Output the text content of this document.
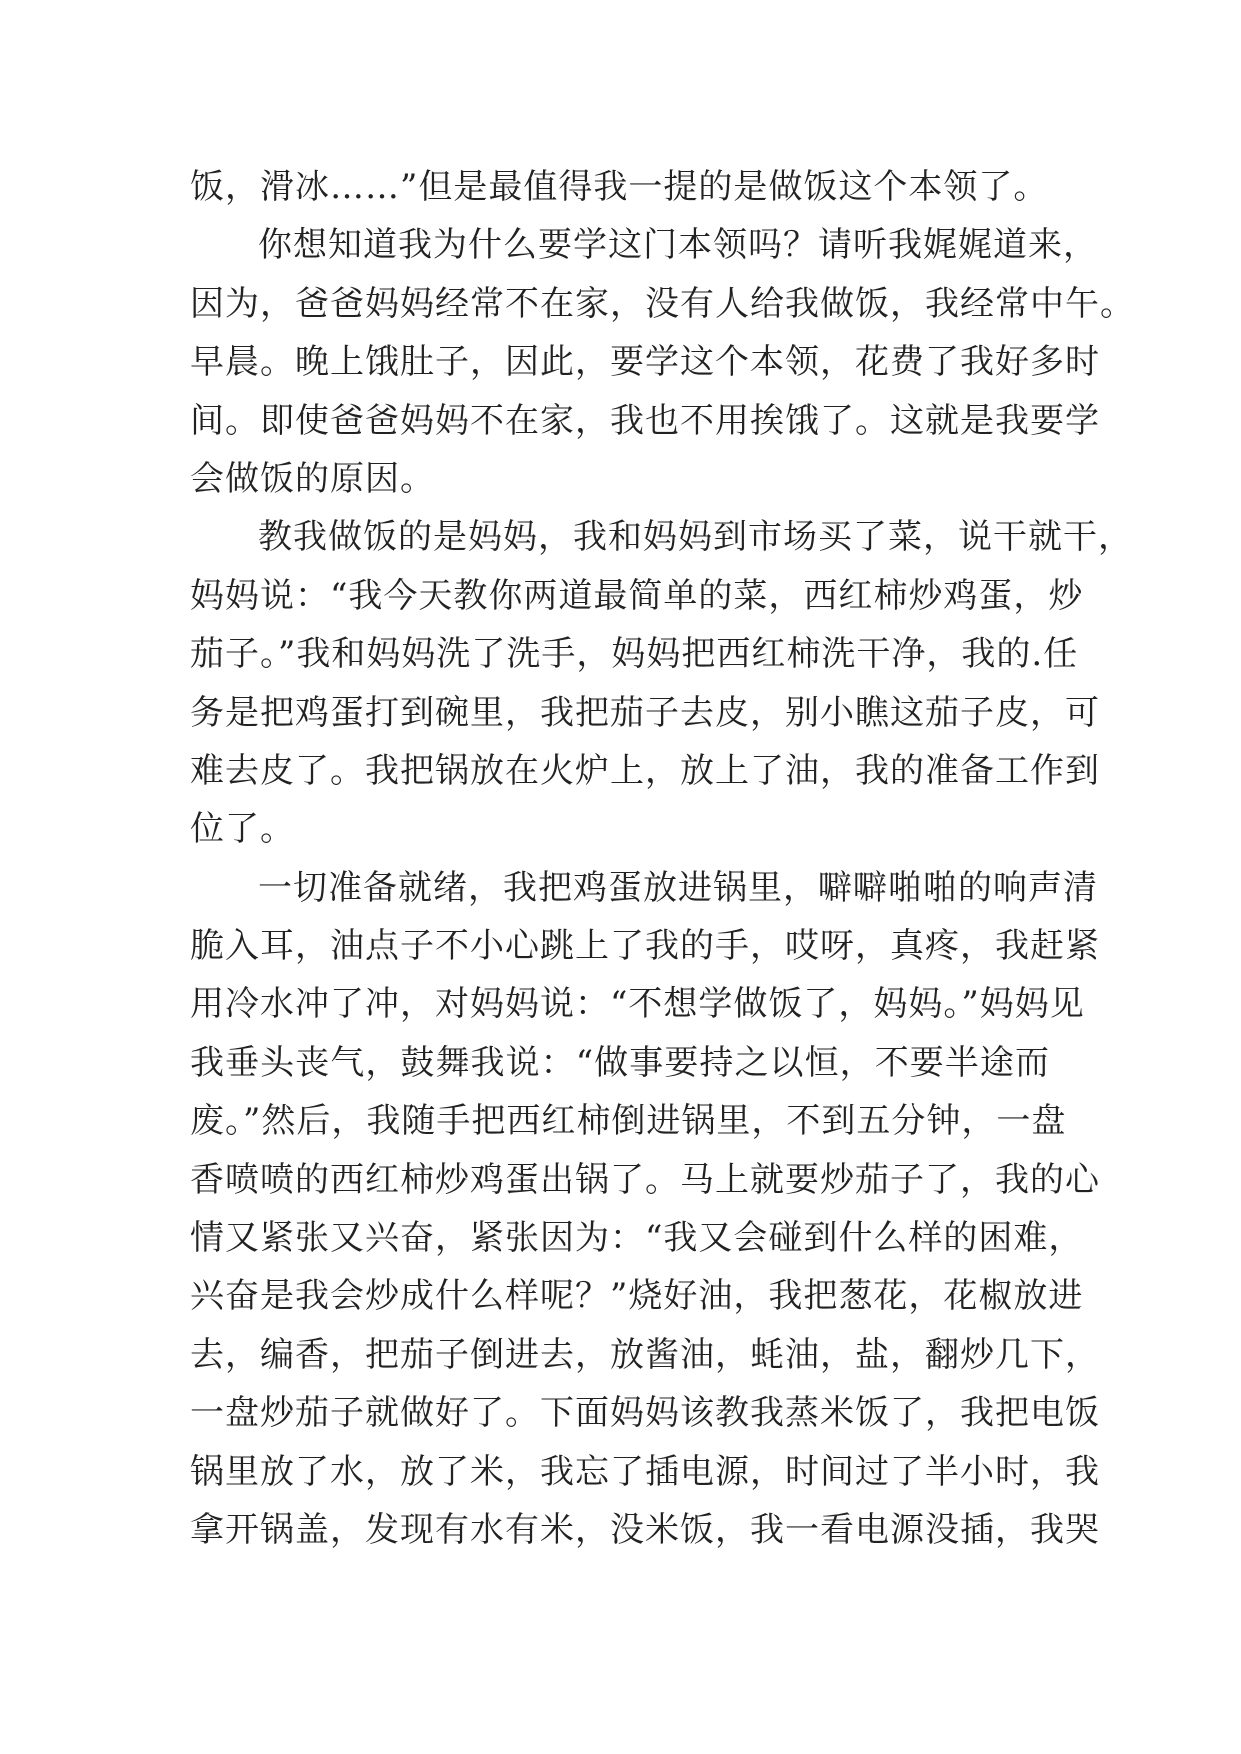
饭，滑冰……”但是最值得我一提的是做饭这个本领了。
你想知道我为什么要学这门本领吗？请听我娓娓道来，
因为，爸爸妈妈经常不在家，没有人给我做饭，我经常中午。
早晨。晚上饿肚子，因此，要学这个本领，花费了我好多时
间。即使爸爸妈妈不在家，我也不用挨饿了。这就是我要学
会做饭的原因。
教我做饭的是妈妈，我和妈妈到市场买了菜，说干就干，
妈妈说：“我今天教你两道最简单的菜，西红柿炒鸡蛋，炒
茄子。”我和妈妈洗了洗手，妈妈把西红柿洗干净，我的.任
务是把鸡蛋打到碗里，我把茄子去皮，别小瞧这茄子皮，可
难去皮了。我把锅放在火炉上，放上了油，我的准备工作到
位了。
一切准备就绪，我把鸡蛋放进锅里，噼噼啪啪的响声清
脆入耳，油点子不小心跳上了我的手，哎呀，真疼，我赶紧
用冷水冲了冲，对妈妈说：“不想学做饭了，妈妈。”妈妈见
我垂头丧气，鼓舞我说：“做事要持之以恒，不要半途而
废。”然后，我随手把西红柿倒进锅里，不到五分钟，一盘
香喷喷的西红柿炒鸡蛋出锅了。马上就要炒茄子了，我的心
情又紧张又兴奋，紧张因为：“我又会碰到什么样的困难，
兴奋是我会炒成什么样呢？”烧好油，我把葱花，花椒放进
去，编香，把茄子倒进去，放酱油，蚝油，盐，翻炒几下，
一盘炒茄子就做好了。下面妈妈该教我蒸米饭了，我把电饭
锅里放了水，放了米，我忘了插电源，时间过了半小时，我
拿开锅盖，发现有水有米，没米饭，我一看电源没插，我哭
